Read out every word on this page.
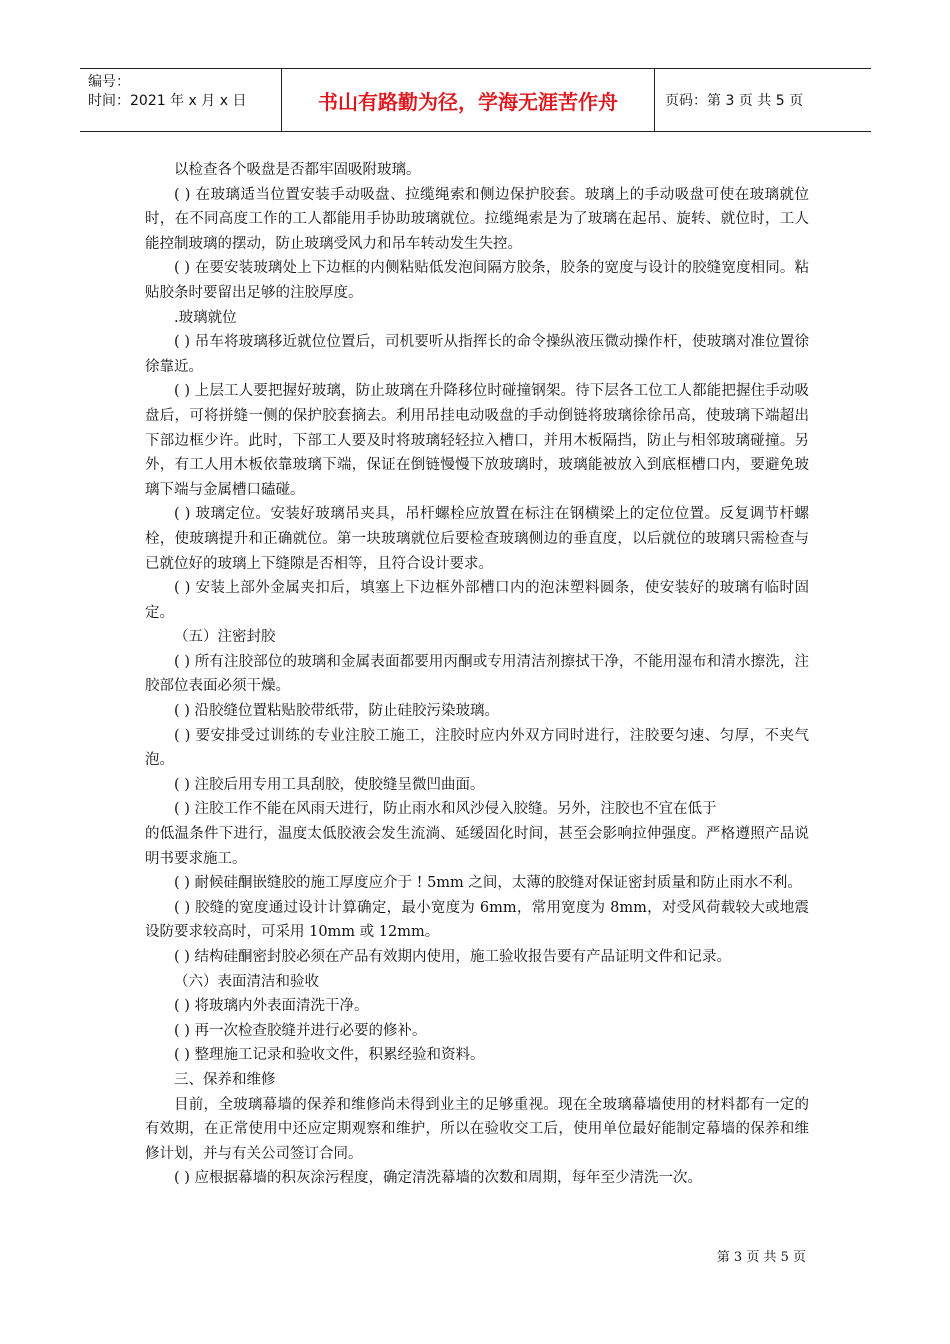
编号：
时间：2021 年 x 月 x 日	书山有路勤为径，学海无涯苦作舟	页码：第 3 页 共 5 页

以检查各个吸盘是否都牢固吸附玻璃。

( ) 在玻璃适当位置安装手动吸盘、拉缆绳索和侧边保护胶套。玻璃上的手动吸盘可使在玻璃就位时，在不同高度工作的工人都能用手协助玻璃就位。拉缆绳索是为了玻璃在起吊、旋转、就位时，工人能控制玻璃的摆动，防止玻璃受风力和吊车转动发生失控。

( ) 在要安装玻璃处上下边框的内侧粘贴低发泡间隔方胶条，胶条的宽度与设计的胶缝宽度相同。粘贴胶条时要留出足够的注胶厚度。

.玻璃就位

( ) 吊车将玻璃移近就位位置后，司机要听从指挥长的命令操纵液压微动操作杆，使玻璃对准位置徐徐靠近。

( ) 上层工人要把握好玻璃，防止玻璃在升降移位时碰撞钢架。待下层各工位工人都能把握住手动吸盘后，可将拼缝一侧的保护胶套摘去。利用吊挂电动吸盘的手动倒链将玻璃徐徐吊高，使玻璃下端超出下部边框少许。此时，下部工人要及时将玻璃轻轻拉入槽口，并用木板隔挡，防止与相邻玻璃碰撞。另外，有工人用木板依靠玻璃下端，保证在倒链慢慢下放玻璃时，玻璃能被放入到底框槽口内，要避免玻璃下端与金属槽口磕碰。

( ) 玻璃定位。安装好玻璃吊夹具，吊杆螺栓应放置在标注在钢横梁上的定位位置。反复调节杆螺栓，使玻璃提升和正确就位。第一块玻璃就位后要检查玻璃侧边的垂直度，以后就位的玻璃只需检查与已就位好的玻璃上下缝隙是否相等，且符合设计要求。

( ) 安装上部外金属夹扣后，填塞上下边框外部槽口内的泡沫塑料圆条，使安装好的玻璃有临时固定。

（五）注密封胶

( ) 所有注胶部位的玻璃和金属表面都要用丙酮或专用清洁剂擦拭干净，不能用湿布和清水擦洗，注胶部位表面必须干燥。

( ) 沿胶缝位置粘贴胶带纸带，防止硅胶污染玻璃。

( ) 要安排受过训练的专业注胶工施工，注胶时应内外双方同时进行，注胶要匀速、匀厚，不夹气泡。

( ) 注胶后用专用工具刮胶，使胶缝呈微凹曲面。

( ) 注胶工作不能在风雨天进行，防止雨水和风沙侵入胶缝。另外，注胶也不宜在低于

的低温条件下进行，温度太低胶液会发生流淌、延缓固化时间，甚至会影响拉伸强度。严格遵照产品说明书要求施工。

( ) 耐候硅酮嵌缝胶的施工厚度应介于 ! 5mm 之间，太薄的胶缝对保证密封质量和防止雨水不利。

( ) 胶缝的宽度通过设计计算确定，最小宽度为 6mm，常用宽度为 8mm，对受风荷载较大或地震设防要求较高时，可采用 10mm 或 12mm。

( ) 结构硅酮密封胶必须在产品有效期内使用，施工验收报告要有产品证明文件和记录。

（六）表面清洁和验收

( ) 将玻璃内外表面清洗干净。

( ) 再一次检查胶缝并进行必要的修补。

( ) 整理施工记录和验收文件，积累经验和资料。

三、保养和维修

目前，全玻璃幕墙的保养和维修尚未得到业主的足够重视。现在全玻璃幕墙使用的材料都有一定的有效期，在正常使用中还应定期观察和维护，所以在验收交工后，使用单位最好能制定幕墙的保养和维修计划，并与有关公司签订合同。

( ) 应根据幕墙的积灰涂污程度，确定清洗幕墙的次数和周期，每年至少清洗一次。

第 3 页 共 5 页
